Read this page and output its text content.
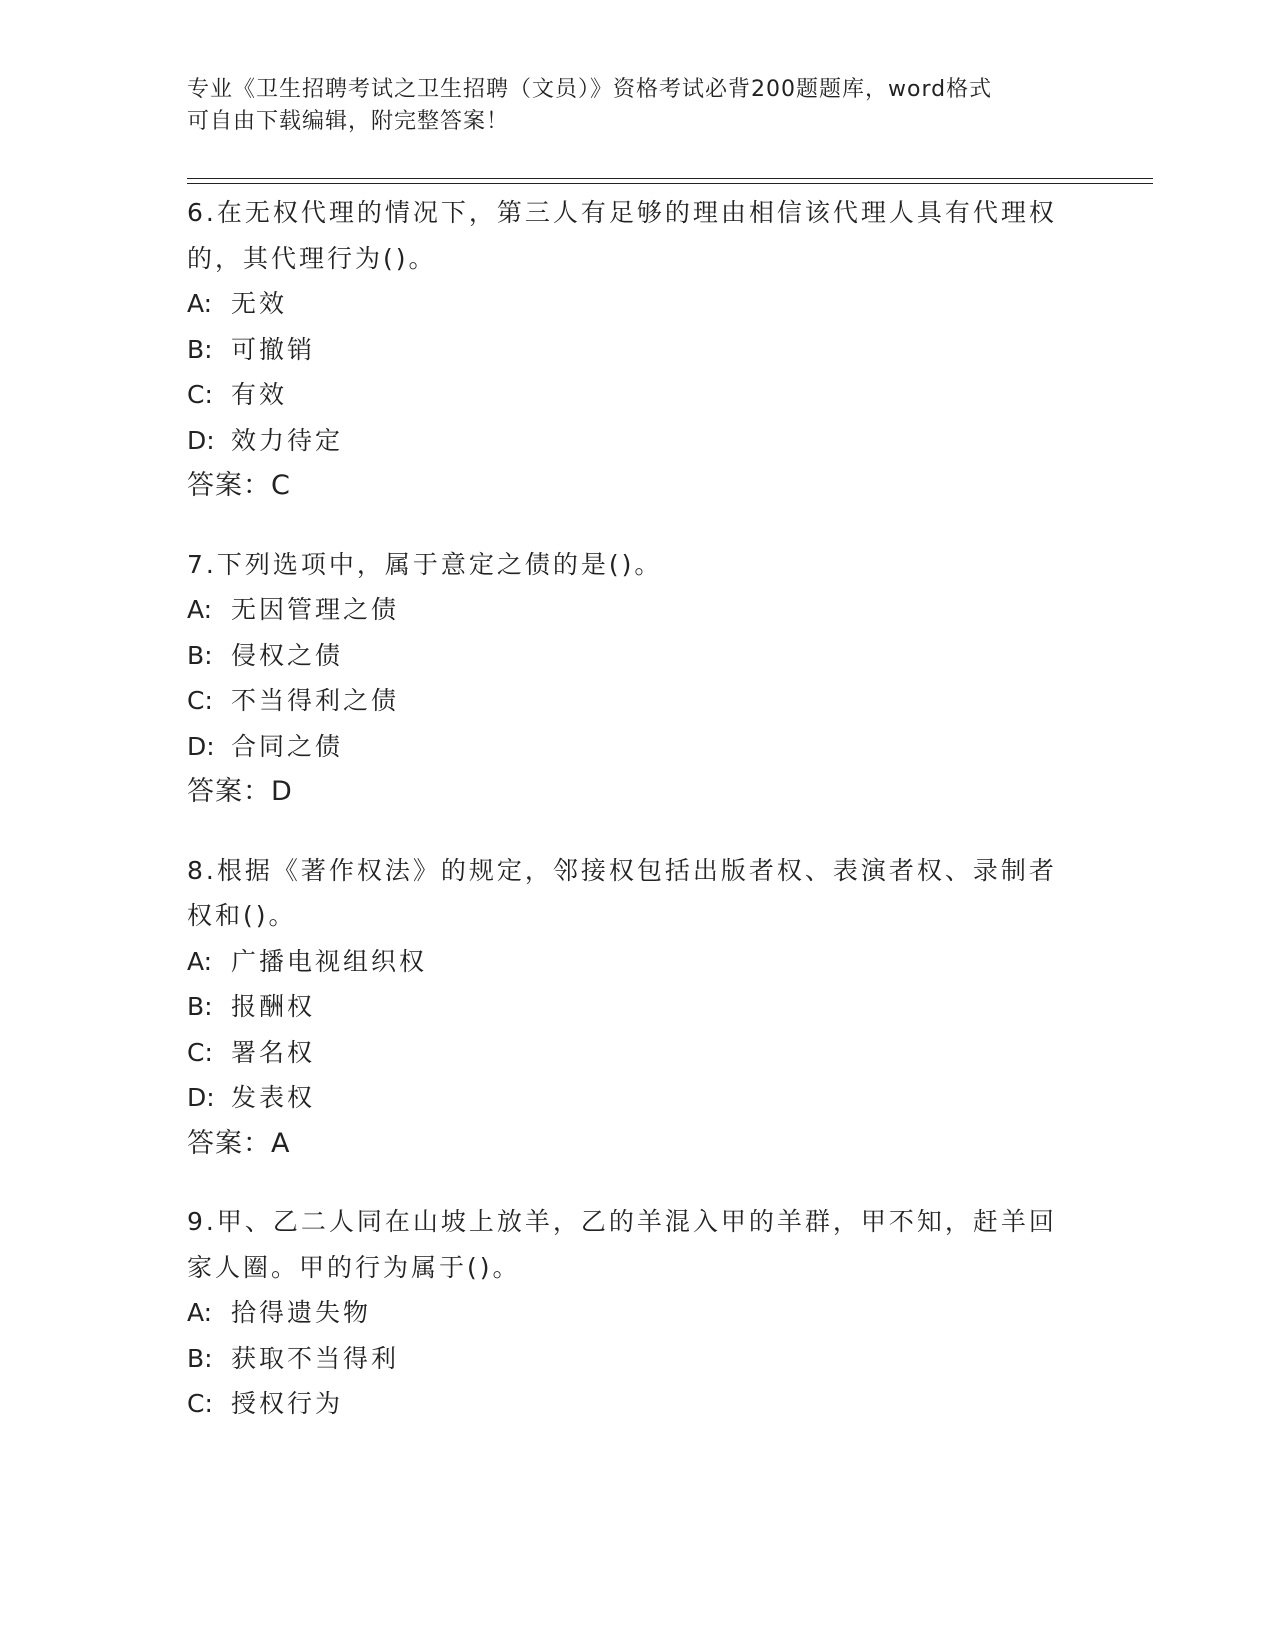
专业《卫生招聘考试之卫生招聘（文员）》资格考试必背200题题库，word格式
可自由下载编辑，附完整答案！
6.在无权代理的情况下，第三人有足够的理由相信该代理人具有代理权的，其代理行为()。
A: 无效
B: 可撤销
C: 有效
D: 效力待定
答案：C
7.下列选项中，属于意定之债的是()。
A: 无因管理之债
B: 侵权之债
C: 不当得利之债
D: 合同之债
答案：D
8.根据《著作权法》的规定，邻接权包括出版者权、表演者权、录制者权和()。
A: 广播电视组织权
B: 报酬权
C: 署名权
D: 发表权
答案：A
9.甲、乙二人同在山坡上放羊，乙的羊混入甲的羊群，甲不知，赶羊回家人圈。甲的行为属于()。
A: 拾得遗失物
B: 获取不当得利
C: 授权行为
